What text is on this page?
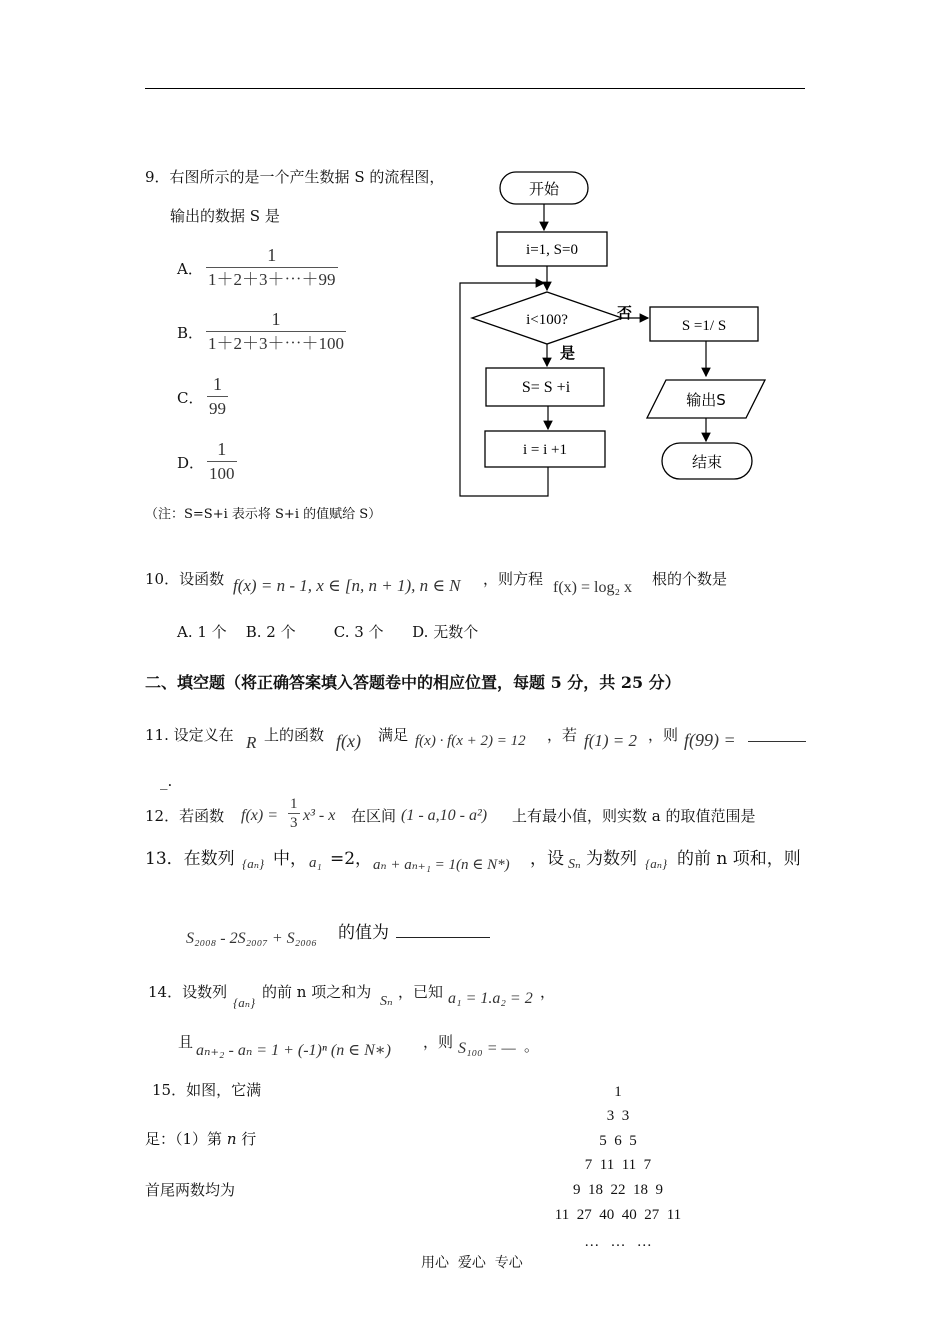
9．右图所示的是一个产生数据 S 的流程图，
输出的数据 S 是
A．
1
1＋2＋3＋⋯＋99
B．
1
1＋2＋3＋⋯＋100
C．
1
99
D．
1
100
（注：S=S+i 表示将 S+i 的值赋给 S）
开始
i=1, S=0
i<100?	否
S =1/ S
输出S
结束
是
S= S +i
i = i +1
10．设函数 f(x) = n - 1, x ∈ [n, n + 1), n ∈ N ，则方程 f(x) = log₂ x 根的个数是
A. 1 个    B. 2 个        C. 3 个      D. 无数个
二、填空题（将正确答案填入答题卷中的相应位置，每题 5 分，共 25 分）
11. 设定义在 R 上的函数 f(x) 满足 f(x) · f(x + 2) = 12 ，若 f(1) = 2 ，则 f(99) =
_.
12．若函数 f(x) =
1
3 x³ - x 在区间 (1 - a,10 - a²) 上有最小值，则实数 a 的取值范围是
13．在数列 {aₙ} 中， a₁ =2， aₙ + aₙ₊₁ = 1(n ∈ N*) ，设 Sₙ 为数列 {aₙ} 的前 n 项和，则
S₂₀₀₈ - 2S₂₀₀₇ + S₂₀₀₆ 的值为
14．设数列
{aₙ}
的前 n 项之和为
Sₙ
，已知 a₁ = 1.a₂ = 2 ，
且 aₙ₊₂ - aₙ = 1 + (-1)ⁿ (n ∈ N∗) ，则 S₁₀₀ = — 。
15．如图，它满
足：（1）第 n 行
首尾两数均为
1
3  3
5  6  5
7  11  11  7
9  18  22  18  9
11  27  40  40  27  11
…   …   …
用心  爱心  专心
